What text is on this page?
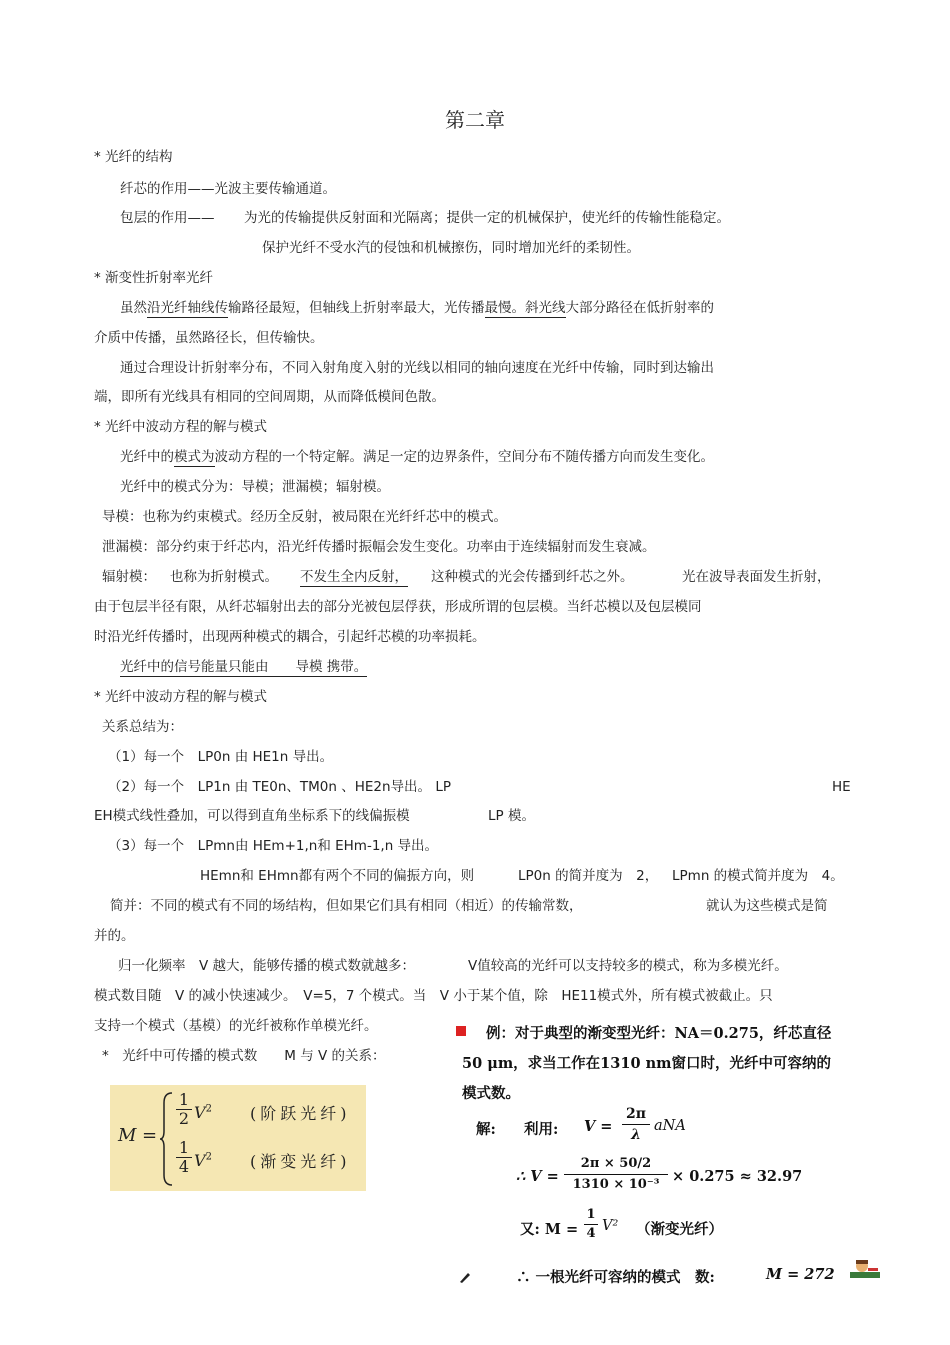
第二章
* 光纤的结构
纤芯的作用——光波主要传输通道。
包层的作用—— 为光的传输提供反射面和光隔离；提供一定的机械保护，使光纤的传输性能稳定。
保护光纤不受水汽的侵蚀和机械擦伤，同时增加光纤的柔韧性。
* 渐变性折射率光纤
虽然沿光纤轴线传输路径最短，但轴线上折射率最大，光传播最慢。斜光线大部分路径在低折射率的
介质中传播，虽然路径长，但传输快。
通过合理设计折射率分布，不同入射角度入射的光线以相同的轴向速度在光纤中传输，同时到达输出
端，即所有光线具有相同的空间周期，从而降低模间色散。
* 光纤中波动方程的解与模式
光纤中的模式为波动方程的一个特定解。满足一定的边界条件，空间分布不随传播方向而发生变化。
光纤中的模式分为：导模；泄漏模；辐射模。
导模：也称为约束模式。经历全反射，被局限在光纤纤芯中的模式。
泄漏模：部分约束于纤芯内，沿光纤传播时振幅会发生变化。功率由于连续辐射而发生衰减。
辐射模： 也称为折射模式。 不发生全内反射， 这种模式的光会传播到纤芯之外。	光在波导表面发生折射，
由于包层半径有限，从纤芯辐射出去的部分光被包层俘获，形成所谓的包层模。当纤芯模以及包层模同
时沿光纤传播时，出现两种模式的耦合，引起纤芯模的功率损耗。
光纤中的信号能量只能由　　 导模 携带。
* 光纤中波动方程的解与模式
关系总结为：
（1）每一个　LP0n 由 HE1n 导出。
（2）每一个　LP1n 由 TE0n、TM0n 、HE2n导出。 LP	HE
EH模式线性叠加，可以得到直角坐标系下的线偏振模	LP 模。
（3）每一个　LPmn由 HEm+1,n和 EHm-1,n 导出。
HEmn和 EHmn都有两个不同的偏振方向，则	LP0n 的简并度为　2， LPmn 的模式简并度为　4。
简并：不同的模式有不同的场结构，但如果它们具有相同（相近）的传输常数，	就认为这些模式是简
并的。
归一化频率　V 越大，能够传播的模式数就越多：	V值较高的光纤可以支持较多的模式，称为多模光纤。
模式数目随　V 的减小快速减少。　V=5，7 个模式。当　V 小于某个值，除　HE11模式外，所有模式被截止。只
支持一个模式（基模）的光纤被称作单模光纤。
*　光纤中可传播的模式数　　M 与 V 的关系：
M =
$\frac{1}{2} V^2$ (阶跃光纤)
$\frac{1}{4} V^2$ (渐变光纤)
例：对于典型的渐变型光纤：NA＝0.275，纤芯直径
50 μm，求当工作在1310 nm窗口时，光纤中可容纳的
模式数。
解: 利用: $V = \frac{2\pi}{\lambda}$ aNA
∴ $V = \frac{2\pi \times 50/2}{\text{1310 × 10⁻³}} \times 0.275 \approx 32.97$
又: $M = \frac{1}{4} V^2$ （渐变光纤）
∴ 一根光纤可容纳的模式　数:	M = 272
